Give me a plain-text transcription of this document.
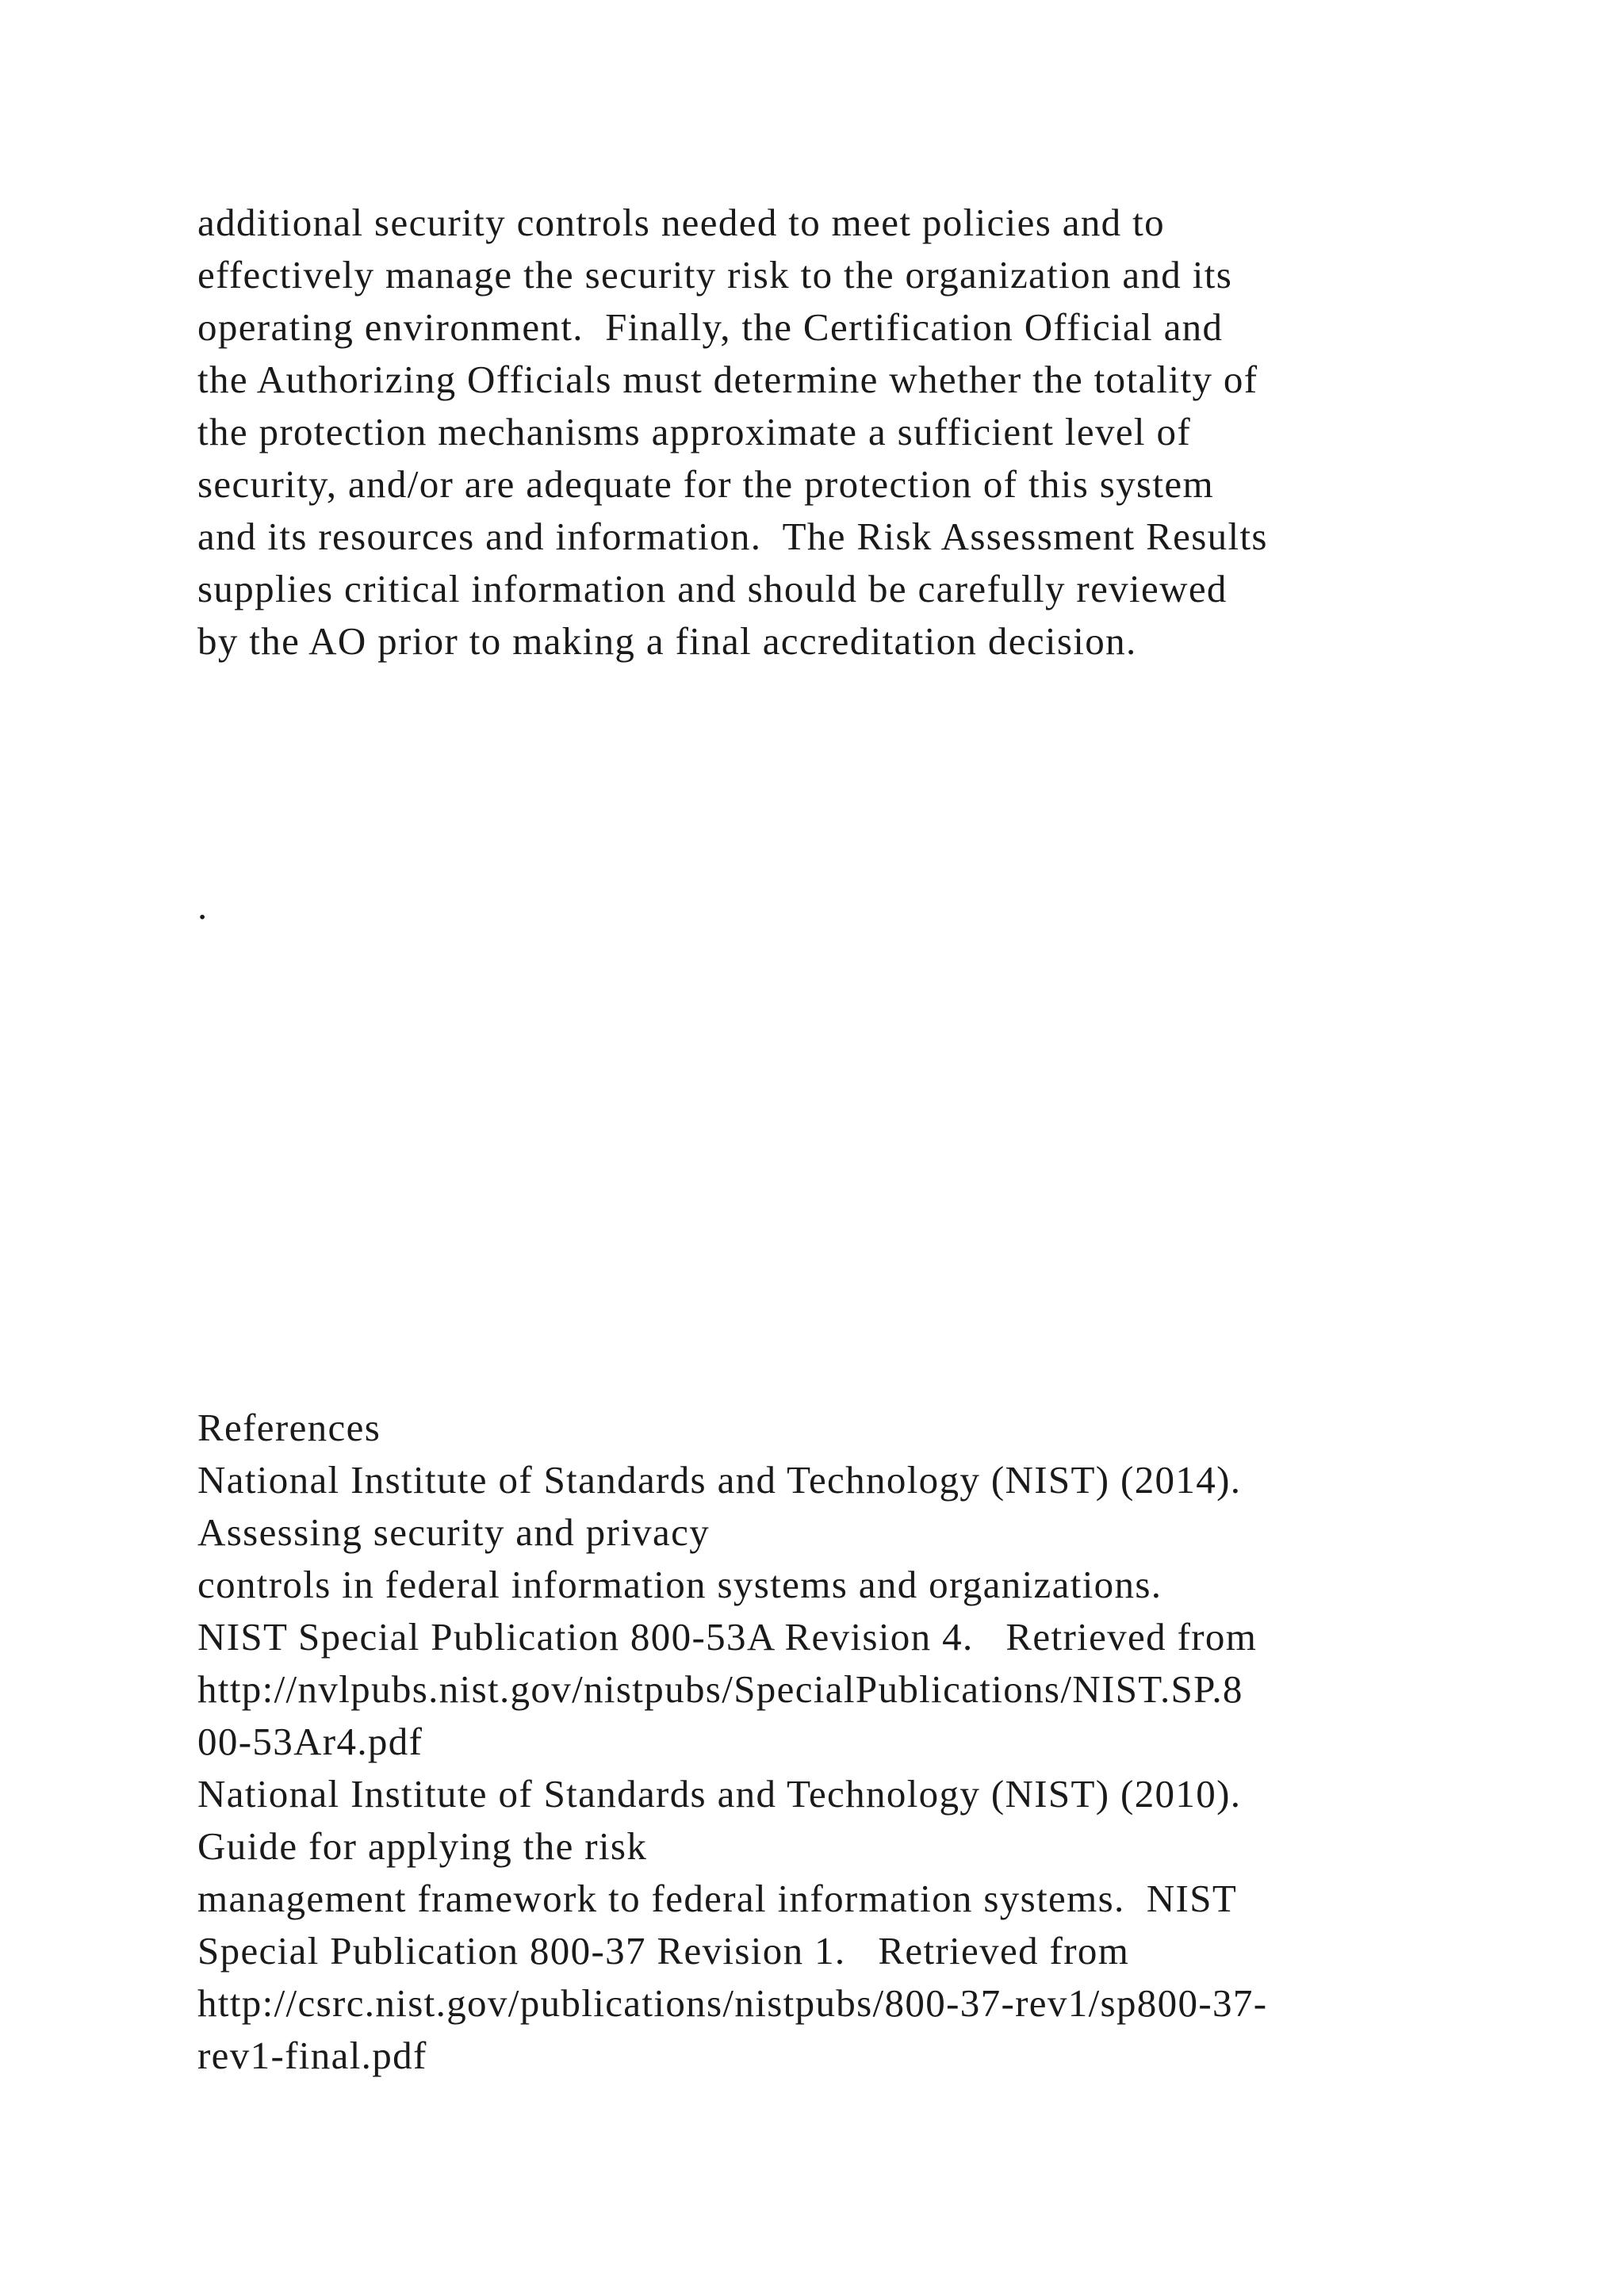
additional security controls needed to meet policies and to
effectively manage the security risk to the organization and its
operating environment.  Finally, the Certification Official and
the Authorizing Officials must determine whether the totality of
the protection mechanisms approximate a sufficient level of
security, and/or are adequate for the protection of this system
and its resources and information.  The Risk Assessment Results
supplies critical information and should be carefully reviewed
by the AO prior to making a final accreditation decision.
.
References
National Institute of Standards and Technology (NIST) (2014).
Assessing security and privacy
controls in federal information systems and organizations.
NIST Special Publication 800-53A Revision 4.   Retrieved from
http://nvlpubs.nist.gov/nistpubs/SpecialPublications/NIST.SP.8
00-53Ar4.pdf
National Institute of Standards and Technology (NIST) (2010).
Guide for applying the risk
management framework to federal information systems.  NIST
Special Publication 800-37 Revision 1.   Retrieved from
http://csrc.nist.gov/publications/nistpubs/800-37-rev1/sp800-37-
rev1-final.pdf
